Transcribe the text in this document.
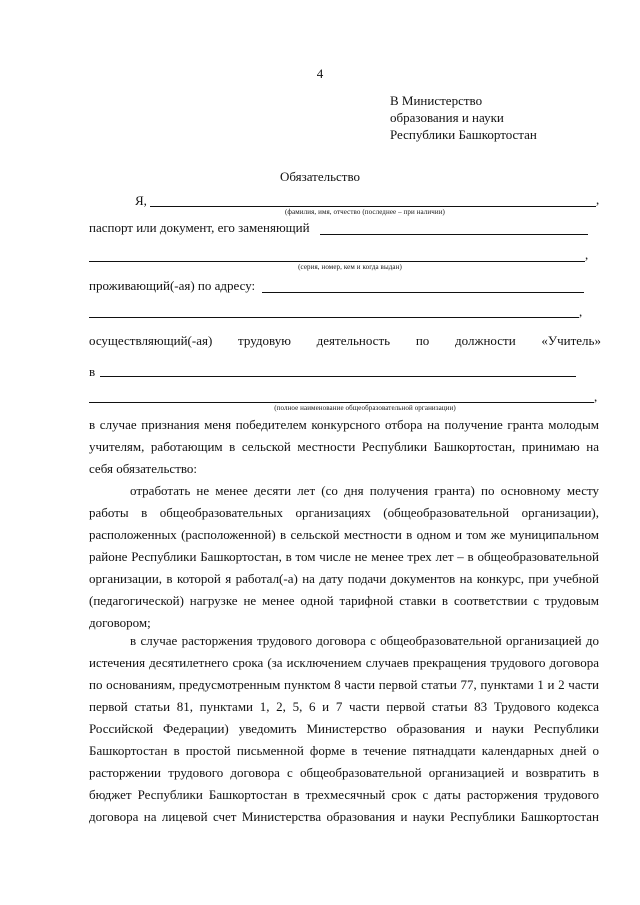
4
В Министерство
образования и науки
Республики Башкортостан
Обязательство
Я,	,
(фамилия, имя, отчество (последнее – при наличии)
паспорт или документ, его заменяющий
,
(серия, номер, кем и когда выдан)
проживающий(-ая) по адресу:
,
осуществляющий(-ая) трудовую деятельность по должности «Учитель»
в
,
(полное наименование общеобразовательной организации)
в случае признания меня победителем конкурсного отбора на получение гранта молодым
учителям, работающим в сельской местности Республики Башкортостан, принимаю на
себя обязательство:
отработать не менее десяти лет (со дня получения гранта) по основному месту
работы в общеобразовательных организациях (общеобразовательной организации),
расположенных (расположенной) в сельской местности в одном и том же муниципальном
районе Республики Башкортостан, в том числе не менее трех лет – в общеобразовательной
организации, в которой я работал(-а) на дату подачи документов на конкурс, при учебной
(педагогической) нагрузке не менее одной тарифной ставки в соответствии с трудовым
договором;
в случае расторжения трудового договора с общеобразовательной организацией до
истечения десятилетнего срока (за исключением случаев прекращения трудового договора
по основаниям, предусмотренным пунктом 8 части первой статьи 77, пунктами 1 и 2 части
первой статьи 81, пунктами 1, 2, 5, 6 и 7 части первой статьи 83 Трудового кодекса
Российской Федерации) уведомить Министерство образования и науки Республики
Башкортостан в простой письменной форме в течение пятнадцати календарных дней о
расторжении трудового договора с общеобразовательной организацией и возвратить в
бюджет Республики Башкортостан в трехмесячный срок с даты расторжения трудового
договора на лицевой счет Министерства образования и науки Республики Башкортостан
